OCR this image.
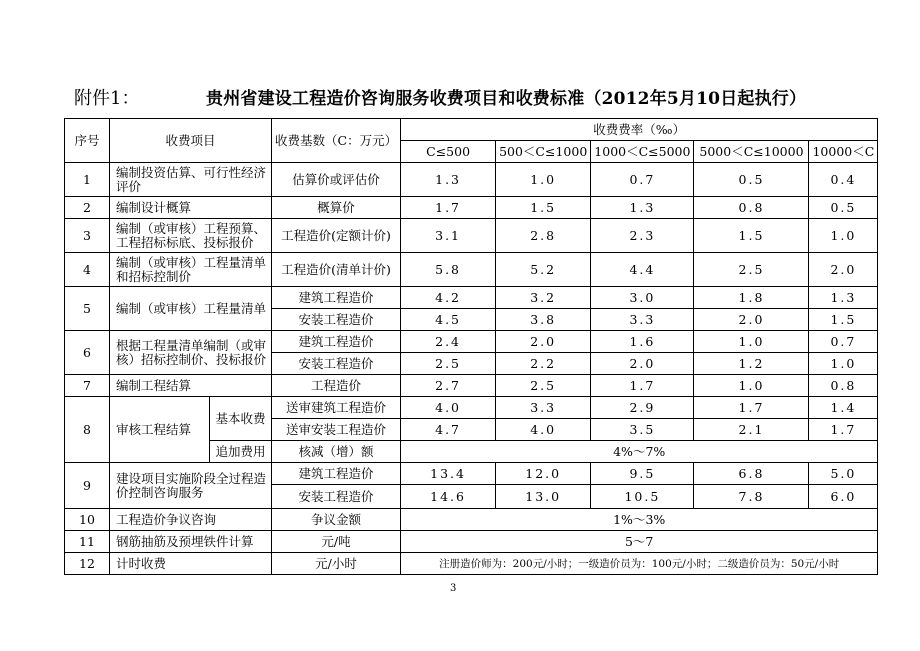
附件1：	贵州省建设工程造价咨询服务收费项目和收费标准（2012年5月10日起执行）
序号	收费项目		收费基数（C：万元）	收费费率（‰）				
				C≤500	500＜C≤1000	1000＜C≤5000	5000＜C≤10000	10000＜C
1	编制投资估算、可行性经济评价		估算价或评估价	1.3	1.0	0.7	0.5	0.4
2	编制设计概算		概算价	1.7	1.5	1.3	0.8	0.5
3	编制（或审核）工程预算、工程招标标底、投标报价		工程造价(定额计价)	3.1	2.8	2.3	1.5	1.0
4	编制（或审核）工程量清单和招标控制价		工程造价(清单计价)	5.8	5.2	4.4	2.5	2.0
5	编制（或审核）工程量清单		建筑工程造价	4.2	3.2	3.0	1.8	1.3
			安装工程造价	4.5	3.8	3.3	2.0	1.5
6	根据工程量清单编制（或审核）招标控制价、投标报价		建筑工程造价	2.4	2.0	1.6	1.0	0.7
			安装工程造价	2.5	2.2	2.0	1.2	1.0
7	编制工程结算		工程造价	2.7	2.5	1.7	1.0	0.8
8	审核工程结算	基本收费	送审建筑工程造价	4.0	3.3	2.9	1.7	1.4
			送审安装工程造价	4.7	4.0	3.5	2.1	1.7
		追加费用	核减（增）额	4%～7%				
9	建设项目实施阶段全过程造价控制咨询服务		建筑工程造价	13.4	12.0	9.5	6.8	5.0
			安装工程造价	14.6	13.0	10.5	7.8	6.0
10	工程造价争议咨询		争议金额	1%～3%				
11	钢筋抽筋及预埋铁件计算		元/吨	5～7				
12	计时收费		元/小时	注册造价师为：200元/小时；一级造价员为：100元/小时；二级造价员为：50元/小时				
3
